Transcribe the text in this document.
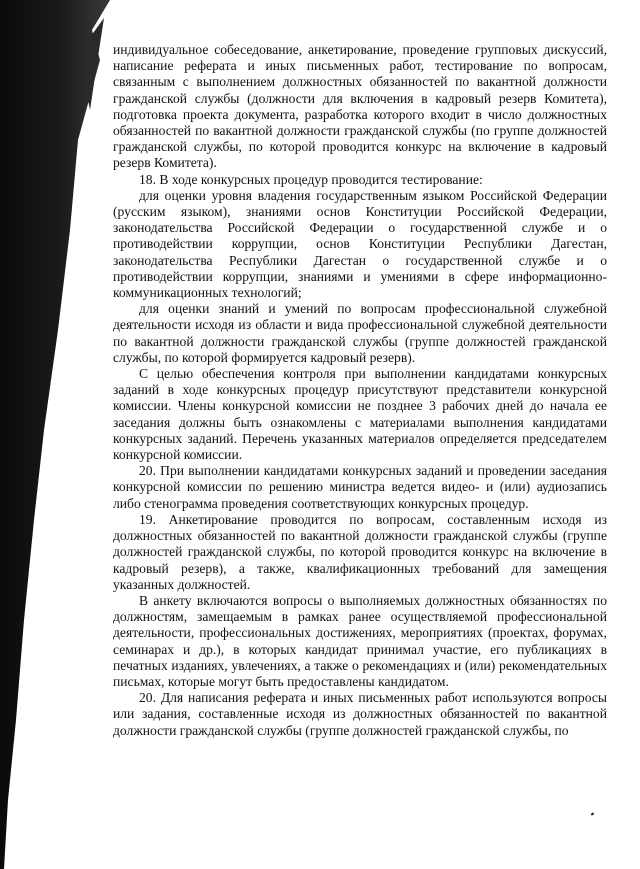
индивидуальное собеседование, анкетирование, проведение групповых дискуссий, написание реферата и иных письменных работ, тестирование по вопросам, связанным с выполнением должностных обязанностей по вакантной должности гражданской службы (должности для включения в кадровый резерв Комитета), подготовка проекта документа, разработка которого входит в число должностных обязанностей по вакантной должности гражданской службы (по группе должностей гражданской службы, по которой проводится конкурс на включение в кадровый резерв Комитета).

18. В ходе конкурсных процедур проводится тестирование:

для оценки уровня владения государственным языком Российской Федерации (русским языком), знаниями основ Конституции Российской Федерации, законодательства Российской Федерации о государственной службе и о противодействии коррупции, основ Конституции Республики Дагестан, законодательства Республики Дагестан о государственной службе и о противодействии коррупции, знаниями и умениями в сфере информационно-коммуникационных технологий;

для оценки знаний и умений по вопросам профессиональной служебной деятельности исходя из области и вида профессиональной служебной деятельности по вакантной должности гражданской службы (группе должностей гражданской службы, по которой формируется кадровый резерв).

С целью обеспечения контроля при выполнении кандидатами конкурсных заданий в ходе конкурсных процедур присутствуют представители конкурсной комиссии. Члены конкурсной комиссии не позднее 3 рабочих дней до начала ее заседания должны быть ознакомлены с материалами выполнения кандидатами конкурсных заданий. Перечень указанных материалов определяется председателем конкурсной комиссии.

20. При выполнении кандидатами конкурсных заданий и проведении заседания конкурсной комиссии по решению министра ведется видео- и (или) аудиозапись либо стенограмма проведения соответствующих конкурсных процедур.

19. Анкетирование проводится по вопросам, составленным исходя из должностных обязанностей по вакантной должности гражданской службы (группе должностей гражданской службы, по которой проводится конкурс на включение в кадровый резерв), а также, квалификационных требований для замещения указанных должностей.

В анкету включаются вопросы о выполняемых должностных обязанностях по должностям, замещаемым в рамках ранее осуществляемой профессиональной деятельности, профессиональных достижениях, мероприятиях (проектах, форумах, семинарах и др.), в которых кандидат принимал участие, его публикациях в печатных изданиях, увлечениях, а также о рекомендациях и (или) рекомендательных письмах, которые могут быть предоставлены кандидатом.

20. Для написания реферата и иных письменных работ используются вопросы или задания, составленные исходя из должностных обязанностей по вакантной должности гражданской службы (группе должностей гражданской службы, по
